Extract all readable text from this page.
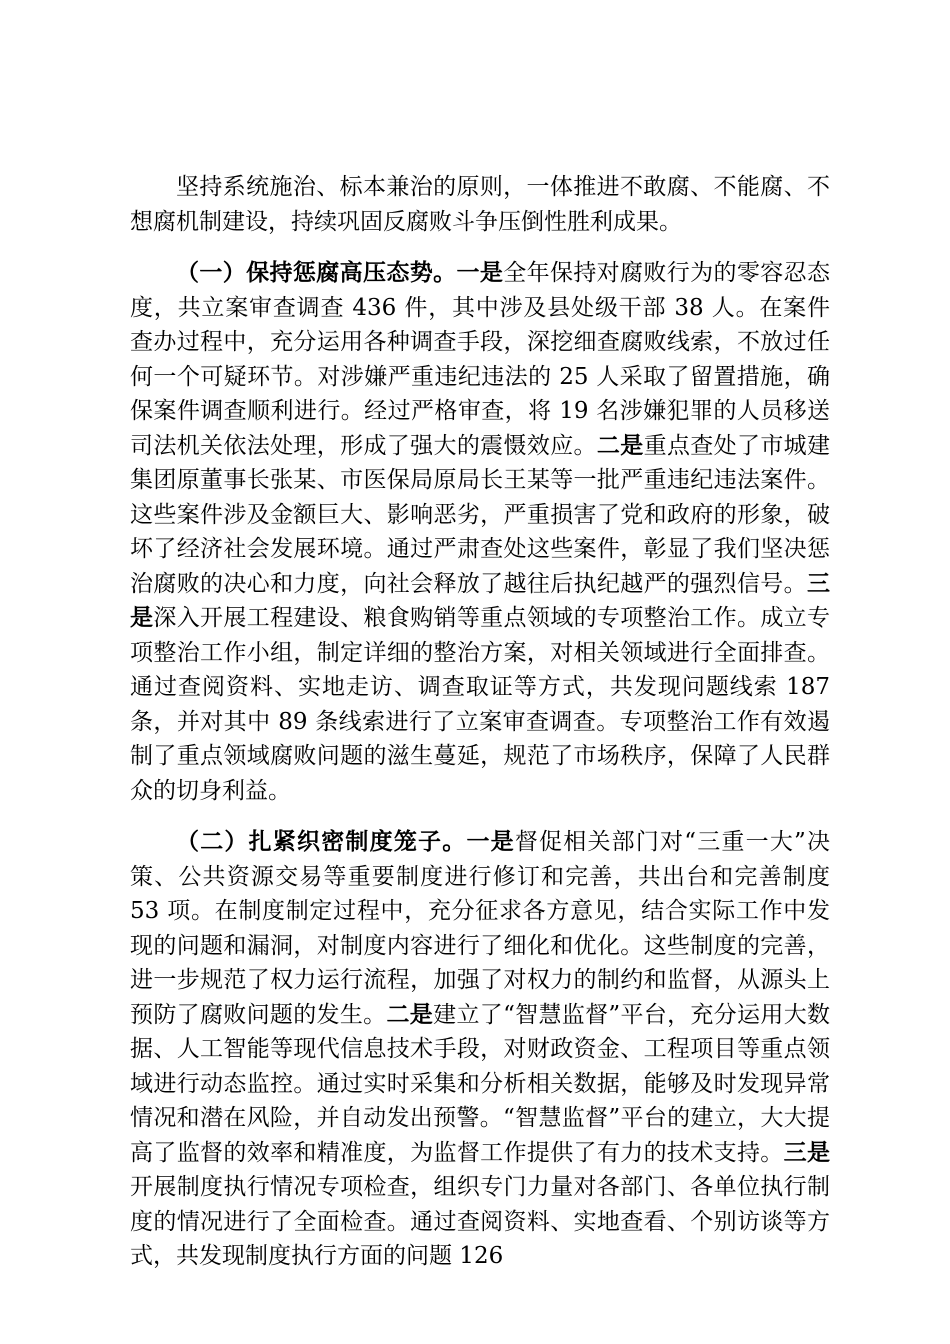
坚持系统施治、标本兼治的原则，一体推进不敢腐、不能腐、不想腐机制建设，持续巩固反腐败斗争压倒性胜利成果。

（一）保持惩腐高压态势。一是全年保持对腐败行为的零容忍态度，共立案审查调查 436 件，其中涉及县处级干部 38 人。在案件查办过程中，充分运用各种调查手段，深挖细查腐败线索，不放过任何一个可疑环节。对涉嫌严重违纪违法的 25 人采取了留置措施，确保案件调查顺利进行。经过严格审查，将 19 名涉嫌犯罪的人员移送司法机关依法处理，形成了强大的震慑效应。二是重点查处了市城建集团原董事长张某、市医保局原局长王某等一批严重违纪违法案件。这些案件涉及金额巨大、影响恶劣，严重损害了党和政府的形象，破坏了经济社会发展环境。通过严肃查处这些案件，彰显了我们坚决惩治腐败的决心和力度，向社会释放了越往后执纪越严的强烈信号。三是深入开展工程建设、粮食购销等重点领域的专项整治工作。成立专项整治工作小组，制定详细的整治方案，对相关领域进行全面排查。通过查阅资料、实地走访、调查取证等方式，共发现问题线索 187 条，并对其中 89 条线索进行了立案审查调查。专项整治工作有效遏制了重点领域腐败问题的滋生蔓延，规范了市场秩序，保障了人民群众的切身利益。

（二）扎紧织密制度笼子。一是督促相关部门对“三重一大”决策、公共资源交易等重要制度进行修订和完善，共出台和完善制度 53 项。在制度制定过程中，充分征求各方意见，结合实际工作中发现的问题和漏洞，对制度内容进行了细化和优化。这些制度的完善，进一步规范了权力运行流程，加强了对权力的制约和监督，从源头上预防了腐败问题的发生。二是建立了“智慧监督”平台，充分运用大数据、人工智能等现代信息技术手段，对财政资金、工程项目等重点领域进行动态监控。通过实时采集和分析相关数据，能够及时发现异常情况和潜在风险，并自动发出预警。“智慧监督”平台的建立，大大提高了监督的效率和精准度，为监督工作提供了有力的技术支持。三是开展制度执行情况专项检查，组织专门力量对各部门、各单位执行制度的情况进行了全面检查。通过查阅资料、实地查看、个别访谈等方式，共发现制度执行方面的问题 126
